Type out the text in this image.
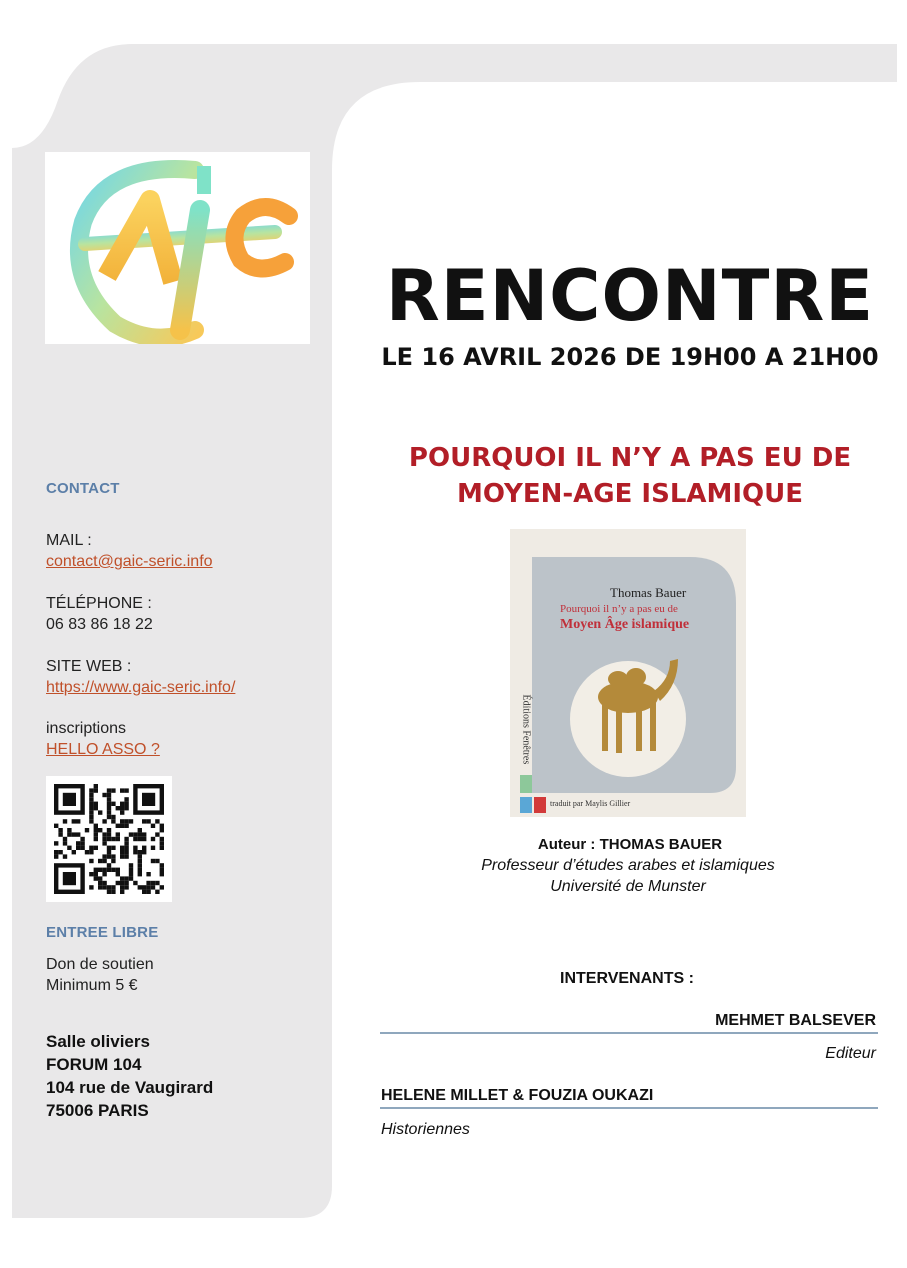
CONTACT
MAIL :
contact@gaic-seric.info
TÉLÉPHONE :
06 83 86 18 22
SITE WEB :
https://www.gaic-seric.info/
inscriptions
HELLO ASSO ?
ENTREE LIBRE
Don de soutien
Minimum 5 €
Salle oliviers
FORUM 104
104 rue de Vaugirard
75006 PARIS
RENCONTRE
LE 16 AVRIL 2026 DE 19H00 A 21H00
POURQUOI IL N’Y A PAS EU DE
MOYEN-AGE ISLAMIQUE
Thomas Bauer
Pourquoi il n’y a pas eu de
Moyen Âge islamique
Éditions Fenêtres
traduit par Maylis Gillier
Auteur : THOMAS BAUER
Professeur d’études arabes et islamiques
Université de Munster
INTERVENANTS :
MEHMET BALSEVER
Editeur
HELENE MILLET & FOUZIA OUKAZI
Historiennes
